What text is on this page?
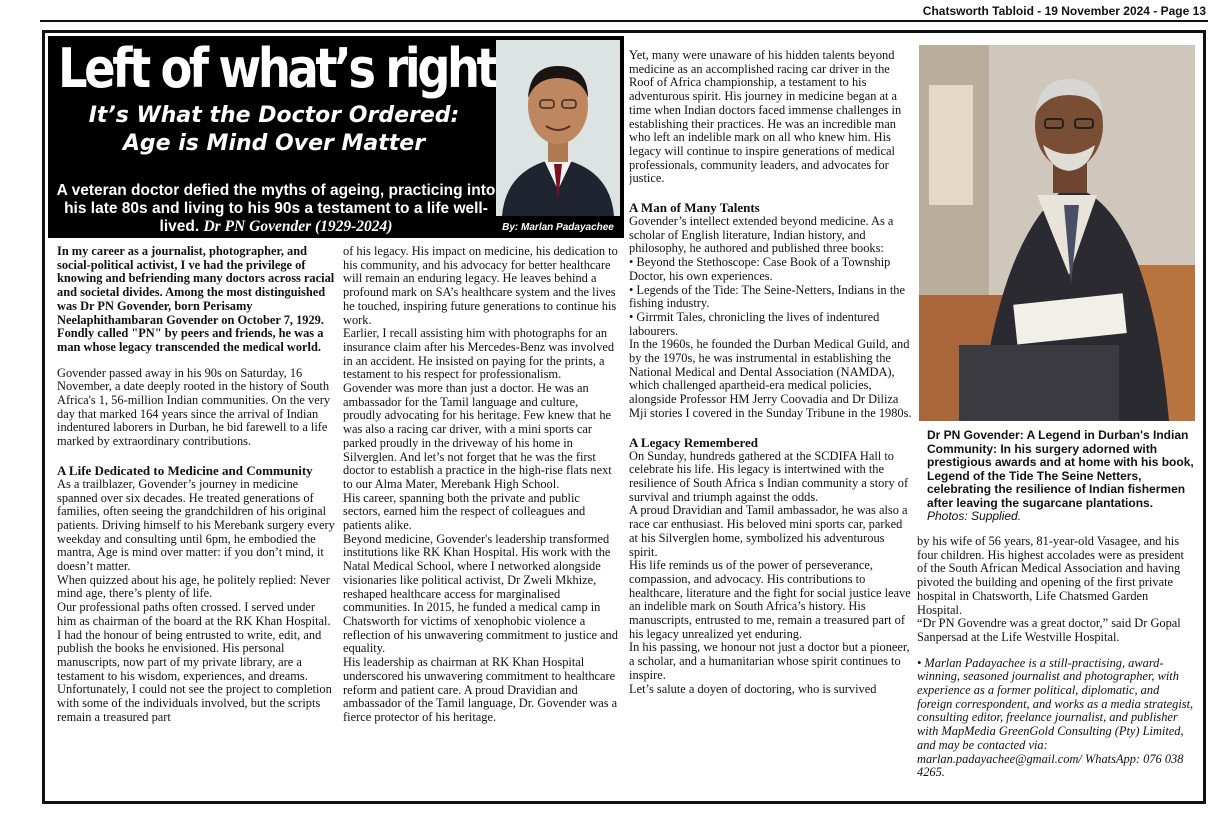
Chatsworth Tabloid - 19 November 2024 - Page 13
Left of what’s right
It’s What the Doctor Ordered:
Age is Mind Over Matter
A veteran doctor defied the myths of ageing, practicing into his late 80s and living to his 90s a testament to a life well-lived. Dr PN Govender (1929-2024)	By: Marlan Padayachee

In my career as a journalist, photographer, and social-political activist, I ve had the privilege of knowing and befriending many doctors across racial and societal divides. Among the most distinguished was Dr PN Govender, born Perisamy Neelaphithambaran Govender on October 7, 1929. Fondly called "PN" by peers and friends, he was a man whose legacy transcended the medical world.

Govender passed away in his 90s on Saturday, 16 November, a date deeply rooted in the history of South Africa's 1, 56-million Indian communities. On the very day that marked 164 years since the arrival of Indian indentured laborers in Durban, he bid farewell to a life marked by extraordinary contributions.

A Life Dedicated to Medicine and Community

As a trailblazer, Govender’s journey in medicine spanned over six decades. He treated generations of families, often seeing the grandchildren of his original patients. Driving himself to his Merebank surgery every weekday and consulting until 6pm, he embodied the mantra, Age is mind over matter: if you don’t mind, it doesn’t matter.

When quizzed about his age, he politely replied: Never mind age, there’s plenty of life.

Our professional paths often crossed. I served under him as chairman of the board at the RK Khan Hospital.

I had the honour of being entrusted to write, edit, and publish the books he envisioned. His personal manuscripts, now part of my private library, are a testament to his wisdom, experiences, and dreams. Unfortunately, I could not see the project to completion with some of the individuals involved, but the scripts remain a treasured part

of his legacy. His impact on medicine, his dedication to his community, and his advocacy for better healthcare will remain an enduring legacy. He leaves behind a profound mark on SA’s healthcare system and the lives he touched, inspiring future generations to continue his work.

Earlier, I recall assisting him with photographs for an insurance claim after his Mercedes-Benz was involved in an accident. He insisted on paying for the prints, a testament to his respect for professionalism.

Govender was more than just a doctor. He was an ambassador for the Tamil language and culture, proudly advocating for his heritage. Few knew that he was also a racing car driver, with a mini sports car parked proudly in the driveway of his home in Silverglen. And let’s not forget that he was the first doctor to establish a practice in the high-rise flats next to our Alma Mater, Merebank High School.

His career, spanning both the private and public sectors, earned him the respect of colleagues and patients alike.

Beyond medicine, Govender's leadership transformed institutions like RK Khan Hospital. His work with the Natal Medical School, where I networked alongside visionaries like political activist, Dr Zweli Mkhize, reshaped healthcare access for marginalised communities. In 2015, he funded a medical camp in Chatsworth for victims of xenophobic violence a reflection of his unwavering commitment to justice and equality.

His leadership as chairman at RK Khan Hospital underscored his unwavering commitment to healthcare reform and patient care. A proud Dravidian and ambassador of the Tamil language, Dr. Govender was a fierce protector of his heritage.

Yet, many were unaware of his hidden talents beyond medicine as an accomplished racing car driver in the Roof of Africa championship, a testament to his adventurous spirit. His journey in medicine began at a time when Indian doctors faced immense challenges in establishing their practices. He was an incredible man who left an indelible mark on all who knew him. His legacy will continue to inspire generations of medical professionals, community leaders, and advocates for justice.

A Man of Many Talents

Govender’s intellect extended beyond medicine. As a scholar of English literature, Indian history, and philosophy, he authored and published three books:

• Beyond the Stethoscope: Case Book of a Township Doctor, his own experiences.

• Legends of the Tide: The Seine-Netters, Indians in the fishing industry.

• Girrmit Tales, chronicling the lives of indentured labourers.

In the 1960s, he founded the Durban Medical Guild, and by the 1970s, he was instrumental in establishing the National Medical and Dental Association (NAMDA), which challenged apartheid-era medical policies, alongside Professor HM Jerry Coovadia and Dr Diliza Mji stories I covered in the Sunday Tribune in the 1980s.

A Legacy Remembered

On Sunday, hundreds gathered at the SCDIFA Hall to celebrate his life. His legacy is intertwined with the resilience of South Africa s Indian community a story of survival and triumph against the odds.

A proud Dravidian and Tamil ambassador, he was also a race car enthusiast. His beloved mini sports car, parked at his Silverglen home, symbolized his adventurous spirit.

His life reminds us of the power of perseverance, compassion, and advocacy. His contributions to healthcare, literature and the fight for social justice leave an indelible mark on South Africa’s history. His manuscripts, entrusted to me, remain a treasured part of his legacy unrealized yet enduring.

In his passing, we honour not just a doctor but a pioneer, a scholar, and a humanitarian whose spirit continues to inspire.

Let’s salute a doyen of doctoring, who is survived

Dr PN Govender: A Legend in Durban's Indian Community: In his surgery adorned with prestigious awards and at home with his book, Legend of the Tide The Seine Netters, celebrating the resilience of Indian fishermen after leaving the sugarcane plantations. Photos: Supplied.

by his wife of 56 years, 81-year-old Vasagee, and his four children. His highest accolades were as president of the South African Medical Association and having pivoted the building and opening of the first private hospital in Chatsworth, Life Chatsmed Garden Hospital.

“Dr PN Govendre was a great doctor,” said Dr Gopal Sanpersad at the Life Westville Hospital.

• Marlan Padayachee is a still-practising, award-winning, seasoned journalist and photographer, with experience as a former political, diplomatic, and foreign correspondent, and works as a media strategist, consulting editor, freelance journalist, and publisher with MapMedia GreenGold Consulting (Pty) Limited, and may be contacted via: marlan.padayachee@gmail.com/ WhatsApp: 076 038 4265.
